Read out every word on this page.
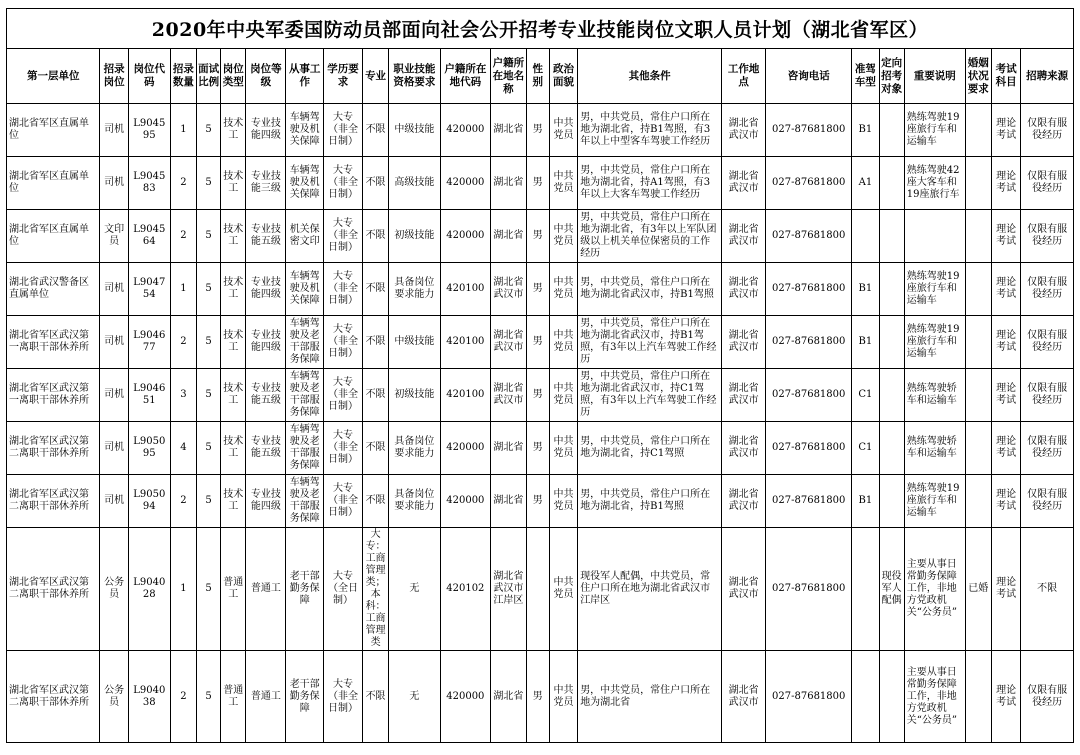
2020年中央军委国防动员部面向社会公开招考专业技能岗位文职人员计划（湖北省军区）
第一层单位	招录岗位	岗位代码	招录数量	面试比例	岗位类型	岗位等级	从事工作	学历要求	专业	职业技能资格要求	户籍所在地代码	户籍所在地名称	性别	政治面貌	其他条件	工作地点	咨询电话	准驾车型	定向招考对象	重要说明	婚姻状况要求	考试科目	招聘来源
湖北省军区直属单位	司机	L904595	1	5	技术工	专业技能四级	车辆驾驶及机关保障	大专（非全日制）	不限	中级技能	420000	湖北省	男	中共党员	男，中共党员，常住户口所在地为湖北省，持B1驾照，有3年以上中型客车驾驶工作经历	湖北省武汉市	027-87681800	B1		熟练驾驶19座旅行车和运输车		理论考试	仅限有服役经历
湖北省军区直属单位	司机	L904583	2	5	技术工	专业技能三级	车辆驾驶及机关保障	大专（非全日制）	不限	高级技能	420000	湖北省	男	中共党员	男，中共党员，常住户口所在地为湖北省，持A1驾照，有3年以上大客车驾驶工作经历	湖北省武汉市	027-87681800	A1		熟练驾驶42座大客车和19座旅行车		理论考试	仅限有服役经历
湖北省军区直属单位	文印员	L904564	2	5	技术工	专业技能五级	机关保密文印	大专（非全日制）	不限	初级技能	420000	湖北省	男	中共党员	男，中共党员，常住户口所在地为湖北省，有3年以上军队团级以上机关单位保密员的工作经历	湖北省武汉市	027-87681800					理论考试	仅限有服役经历
湖北省武汉警备区直属单位	司机	L904754	1	5	技术工	专业技能四级	车辆驾驶及机关保障	大专（非全日制）	不限	具备岗位要求能力	420100	湖北省武汉市	男	中共党员	男，中共党员，常住户口所在地为湖北省武汉市，持B1驾照	湖北省武汉市	027-87681800	B1		熟练驾驶19座旅行车和运输车		理论考试	仅限有服役经历
湖北省军区武汉第一离职干部休养所	司机	L904677	2	5	技术工	专业技能四级	车辆驾驶及老干部服务保障	大专（非全日制）	不限	中级技能	420100	湖北省武汉市	男	中共党员	男，中共党员，常住户口所在地为湖北省武汉市，持B1驾照，有3年以上汽车驾驶工作经历	湖北省武汉市	027-87681800	B1		熟练驾驶19座旅行车和运输车		理论考试	仅限有服役经历
湖北省军区武汉第一离职干部休养所	司机	L904651	3	5	技术工	专业技能五级	车辆驾驶及老干部服务保障	大专（非全日制）	不限	初级技能	420100	湖北省武汉市	男	中共党员	男，中共党员，常住户口所在地为湖北省武汉市，持C1驾照，有3年以上汽车驾驶工作经历	湖北省武汉市	027-87681800	C1		熟练驾驶轿车和运输车		理论考试	仅限有服役经历
湖北省军区武汉第二离职干部休养所	司机	L905095	4	5	技术工	专业技能五级	车辆驾驶及老干部服务保障	大专（非全日制）	不限	具备岗位要求能力	420000	湖北省	男	中共党员	男，中共党员，常住户口所在地为湖北省，持C1驾照	湖北省武汉市	027-87681800	C1		熟练驾驶轿车和运输车		理论考试	仅限有服役经历
湖北省军区武汉第二离职干部休养所	司机	L905094	2	5	技术工	专业技能四级	车辆驾驶及老干部服务保障	大专（非全日制）	不限	具备岗位要求能力	420000	湖北省	男	中共党员	男，中共党员，常住户口所在地为湖北省，持B1驾照	湖北省武汉市	027-87681800	B1		熟练驾驶19座旅行车和运输车		理论考试	仅限有服役经历
湖北省军区武汉第二离职干部休养所	公务员	L904028	1	5	普通工	普通工	老干部勤务保障	大专（全日制）	大专：工商管理类；本科：工商管理类	无	420102	湖北省武汉市江岸区		中共党员	现役军人配偶，中共党员，常住户口所在地为湖北省武汉市江岸区	湖北省武汉市	027-87681800		现役军人配偶	主要从事日常勤务保障工作，非地方党政机关“公务员”	已婚	理论考试	不限
湖北省军区武汉第二离职干部休养所	公务员	L904038	2	5	普通工	普通工	老干部勤务保障	大专（非全日制）	不限	无	420000	湖北省	男	中共党员	男，中共党员，常住户口所在地为湖北省	湖北省武汉市	027-87681800			主要从事日常勤务保障工作，非地方党政机关“公务员”		理论考试	仅限有服役经历
